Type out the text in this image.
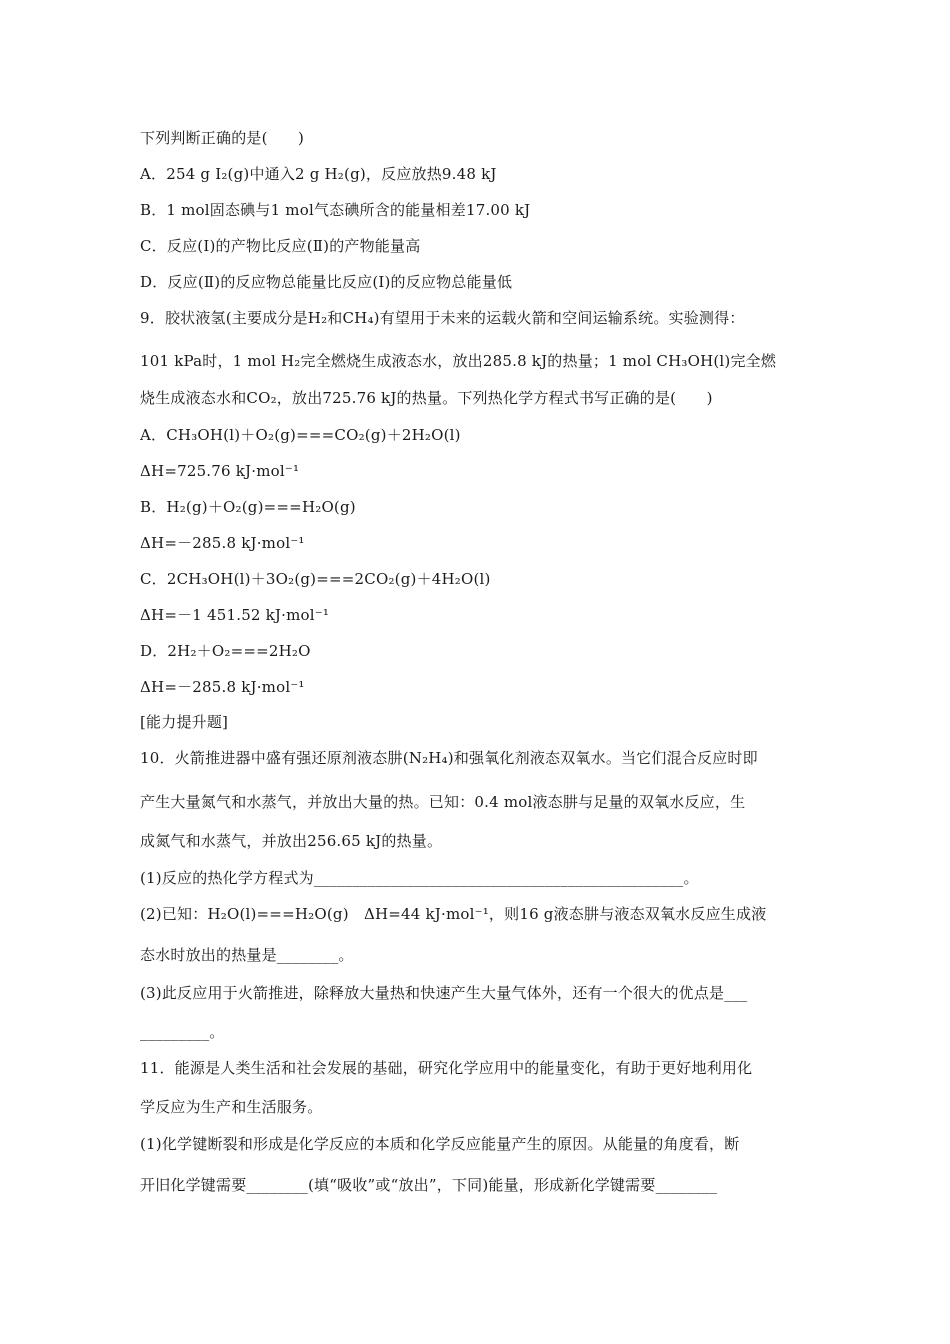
下列判断正确的是(　　)
A．254 g I₂(g)中通入2 g H₂(g)，反应放热9.48 kJ
B．1 mol固态碘与1 mol气态碘所含的能量相差17.00 kJ
C．反应(Ⅰ)的产物比反应(Ⅱ)的产物能量高
D．反应(Ⅱ)的反应物总能量比反应(Ⅰ)的反应物总能量低
9．胶状液氢(主要成分是H₂和CH₄)有望用于未来的运载火箭和空间运输系统。实验测得：
101 kPa时，1 mol H₂完全燃烧生成液态水，放出285.8 kJ的热量；1 mol CH₃OH(l)完全燃
烧生成液态水和CO₂，放出725.76 kJ的热量。下列热化学方程式书写正确的是(　　)
A．CH₃OH(l)＋O₂(g)===CO₂(g)＋2H₂O(l)
ΔH=725.76 kJ·mol⁻¹
B．H₂(g)＋O₂(g)===H₂O(g)
ΔH=－285.8 kJ·mol⁻¹
C．2CH₃OH(l)＋3O₂(g)===2CO₂(g)＋4H₂O(l)
ΔH=－1 451.52 kJ·mol⁻¹
D．2H₂＋O₂===2H₂O
ΔH=－285.8 kJ·mol⁻¹
[能力提升题]
10．火箭推进器中盛有强还原剂液态肼(N₂H₄)和强氧化剂液态双氧水。当它们混合反应时即
产生大量氮气和水蒸气，并放出大量的热。已知：0.4 mol液态肼与足量的双氧水反应，生
成氮气和水蒸气，并放出256.65 kJ的热量。
(1)反应的热化学方程式为________________________________________________。
(2)已知：H₂O(l)===H₂O(g)　ΔH=44 kJ·mol⁻¹，则16 g液态肼与液态双氧水反应生成液
态水时放出的热量是________。
(3)此反应用于火箭推进，除释放大量热和快速产生大量气体外，还有一个很大的优点是___
_________。
11．能源是人类生活和社会发展的基础，研究化学应用中的能量变化，有助于更好地利用化
学反应为生产和生活服务。
(1)化学键断裂和形成是化学反应的本质和化学反应能量产生的原因。从能量的角度看，断
开旧化学键需要________(填“吸收”或“放出”，下同)能量，形成新化学键需要________
